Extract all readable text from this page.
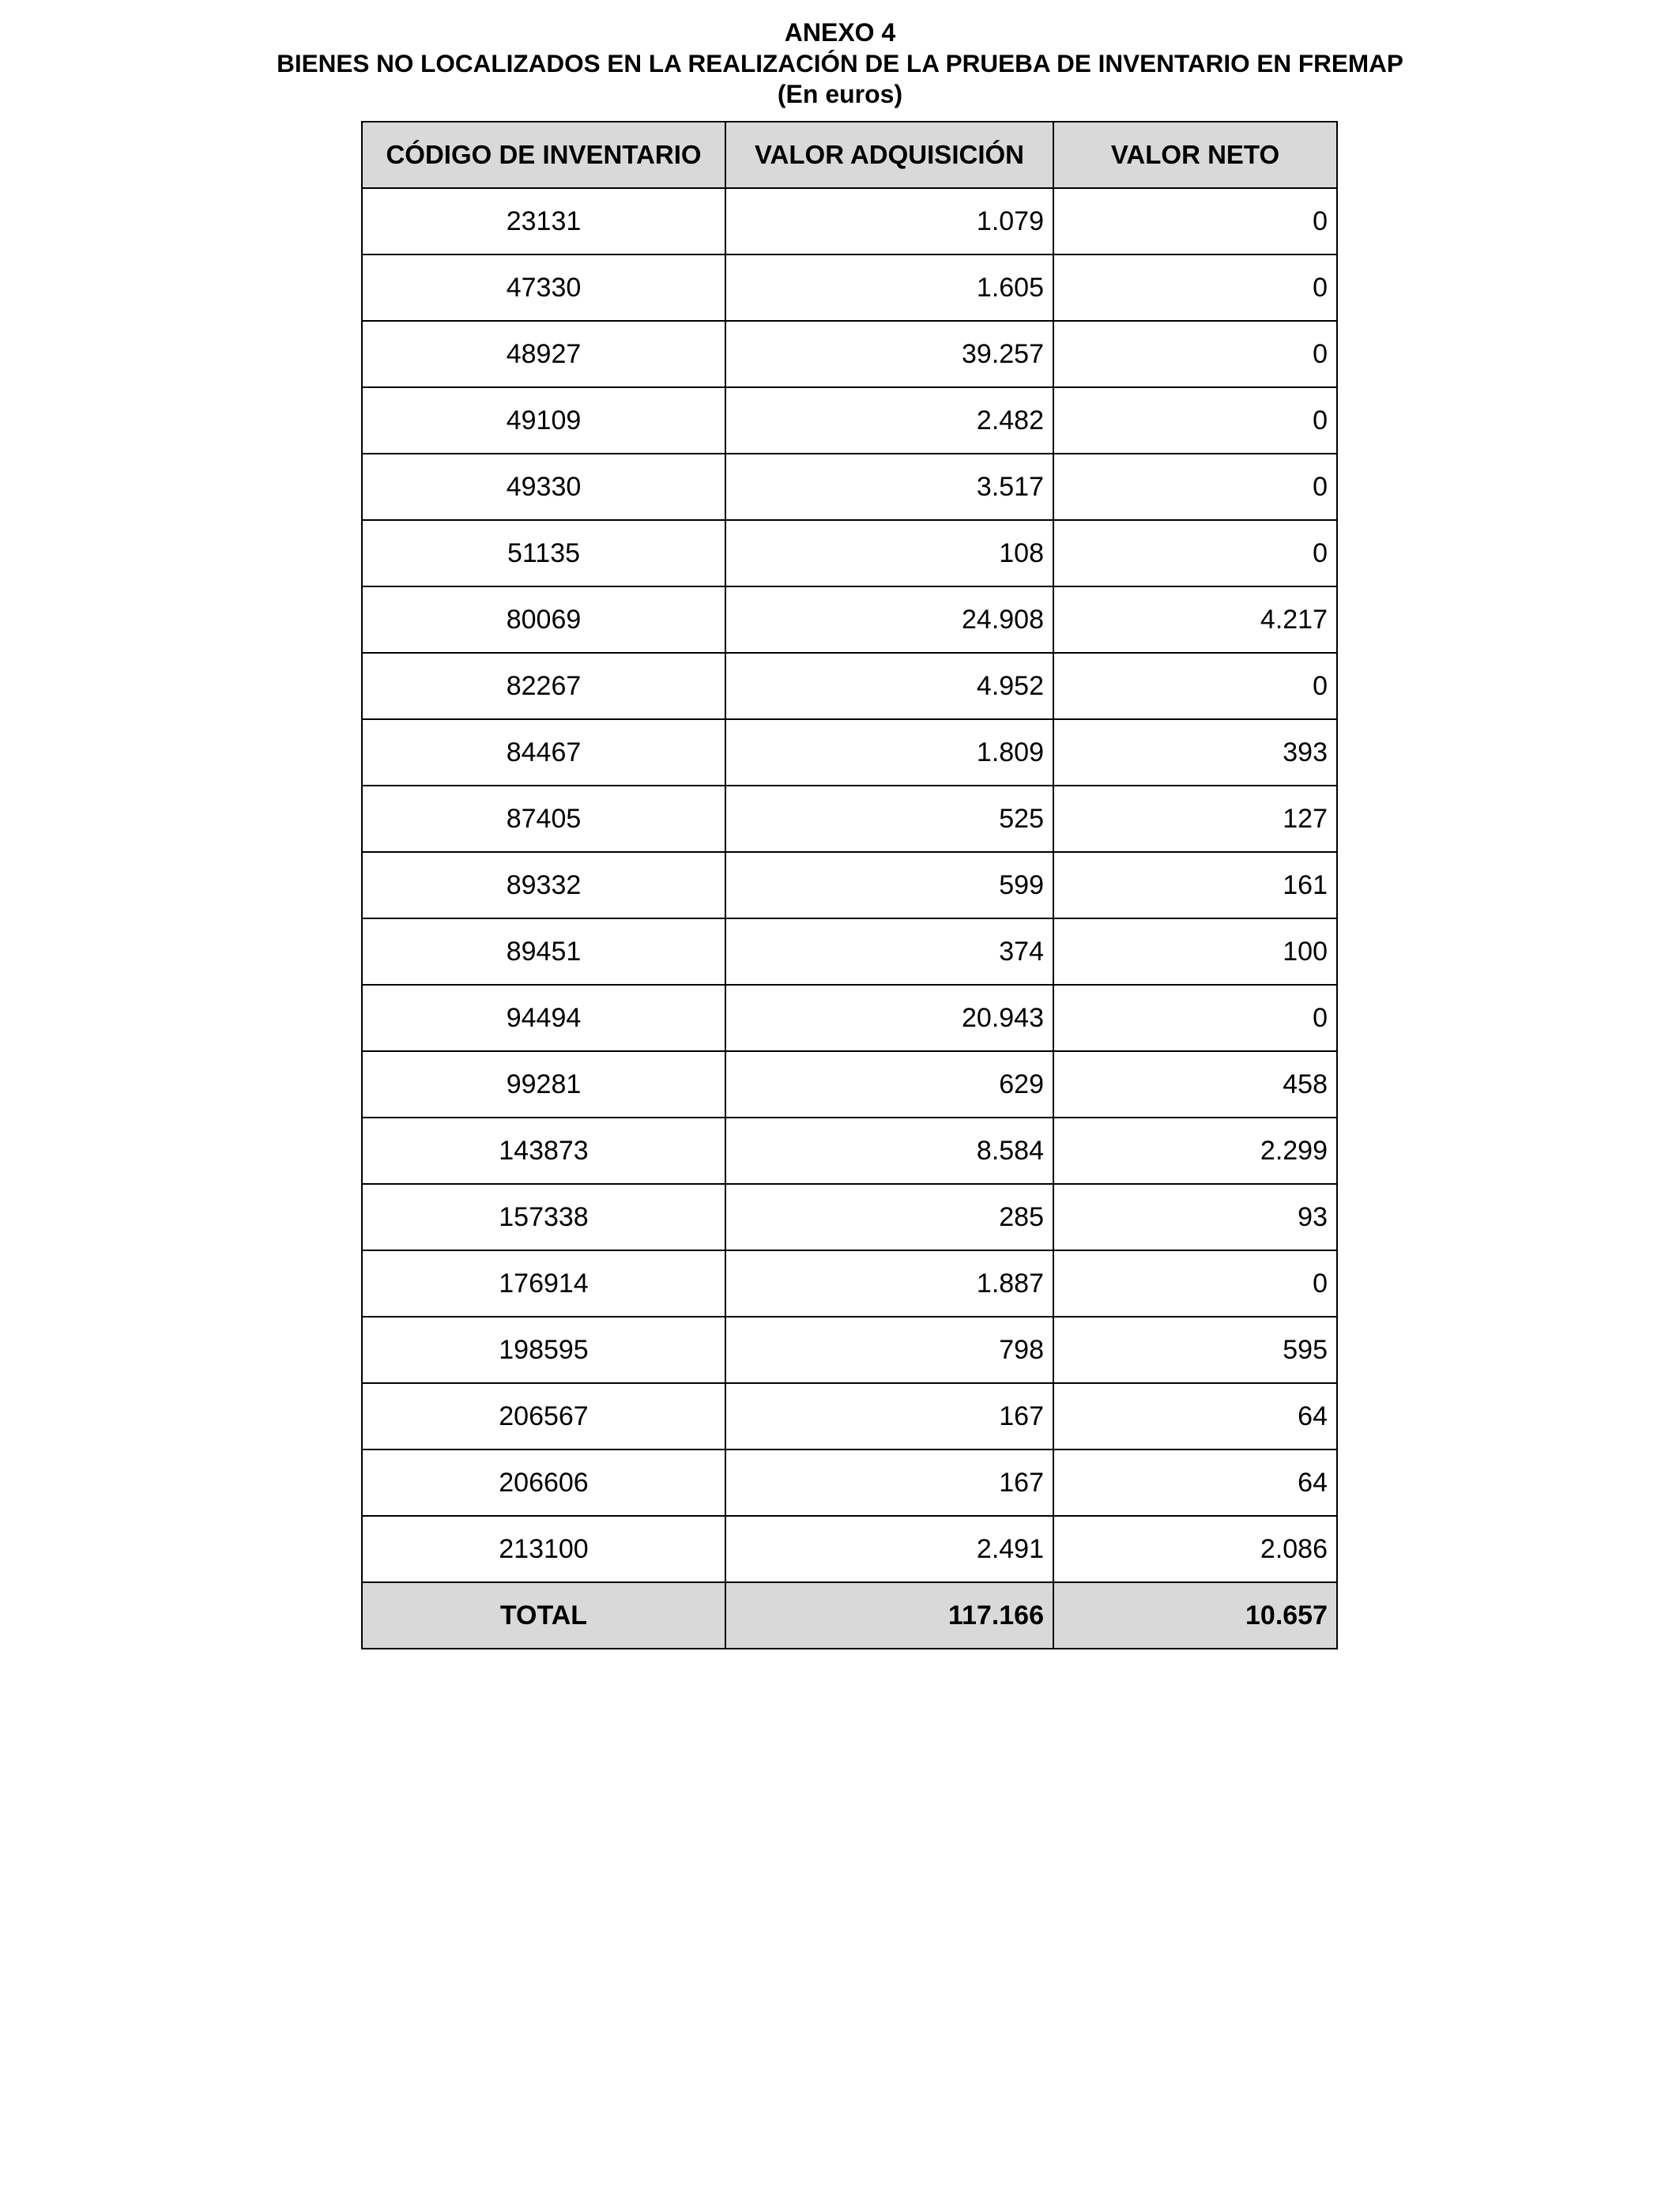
ANEXO 4
BIENES NO LOCALIZADOS EN LA REALIZACIÓN DE LA PRUEBA DE INVENTARIO EN FREMAP
(En euros)
CÓDIGO DE INVENTARIO	VALOR ADQUISICIÓN	VALOR NETO
23131	1.079	0
47330	1.605	0
48927	39.257	0
49109	2.482	0
49330	3.517	0
51135	108	0
80069	24.908	4.217
82267	4.952	0
84467	1.809	393
87405	525	127
89332	599	161
89451	374	100
94494	20.943	0
99281	629	458
143873	8.584	2.299
157338	285	93
176914	1.887	0
198595	798	595
206567	167	64
206606	167	64
213100	2.491	2.086
TOTAL	117.166	10.657
